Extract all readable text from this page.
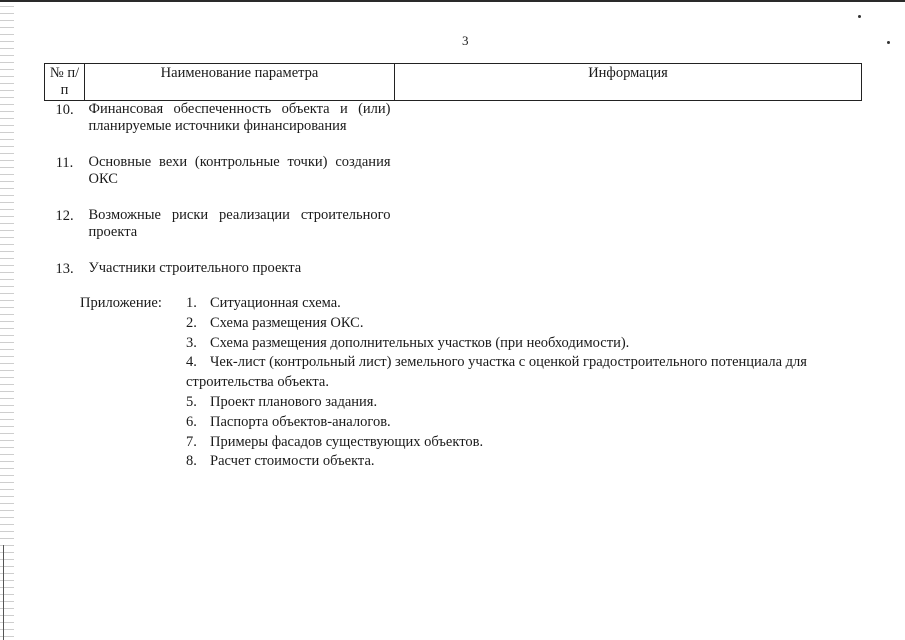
3
№ п/п	Наименование параметра	Информация
10.	Финансовая обеспеченность объекта и (или) планируемые источники финансирования	
11.	Основные вехи (контрольные точки) создания ОКС	
12.	Возможные риски реализации строительного проекта	
13.	Участники строительного проекта	
Приложение: 1. Ситуационная схема.
2. Схема размещения ОКС.
3. Схема размещения дополнительных участков (при необходимости).
4. Чек-лист (контрольный лист) земельного участка с оценкой градостроительного потенциала для строительства объекта.
5. Проект планового задания.
6. Паспорта объектов-аналогов.
7. Примеры фасадов существующих объектов.
8. Расчет стоимости объекта.
